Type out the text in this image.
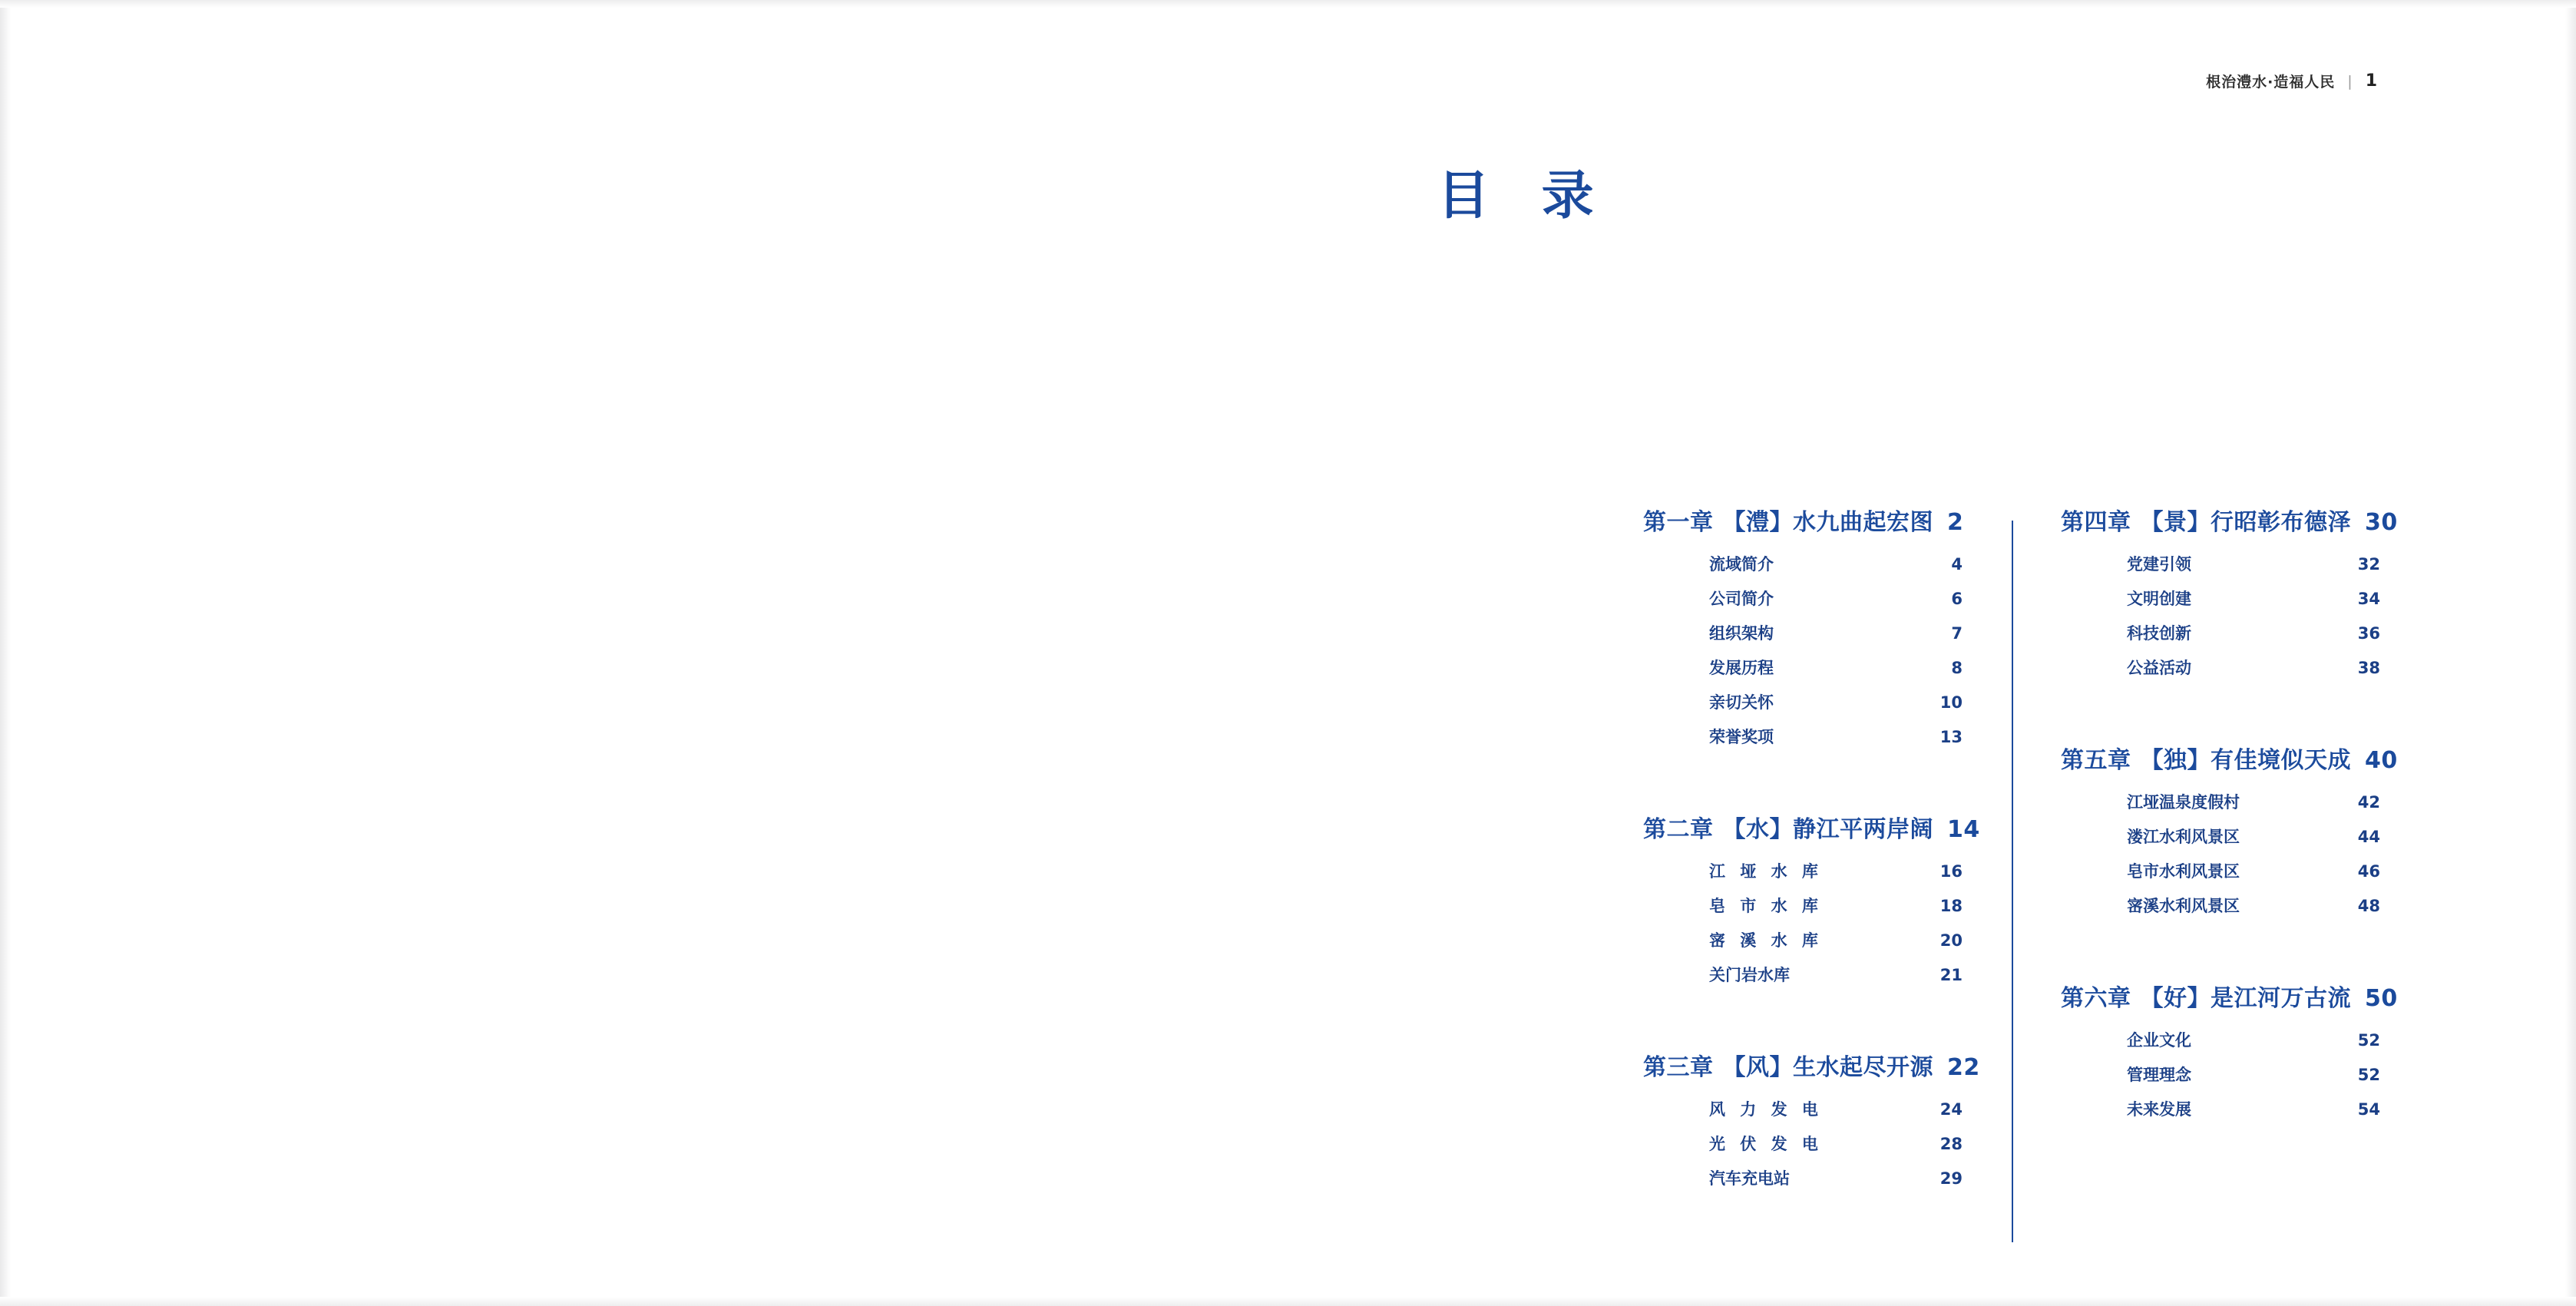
根治澧水·造福人民 | 1
目 录
第一章 【澧】水九曲起宏图 2
流域简介	4
公司简介	6
组织架构	7
发展历程	8
亲切关怀	10
荣誉奖项	13
第二章 【水】静江平两岸阔 14
江 垭 水 库	16
皂 市 水 库	18
宻 溪 水 库	20
关门岩水库	21
第三章 【风】生水起尽开源 22
风 力 发 电	24
光 伏 发 电	28
汽车充电站	29
第四章 【景】行昭彰布德泽 30
党建引领	32
文明创建	34
科技创新	36
公益活动	38
第五章 【独】有佳境似天成 40
江垭温泉度假村	42
溇江水利风景区	44
皂市水利风景区	46
宻溪水利风景区	48
第六章 【好】是江河万古流 50
企业文化	52
管理理念	52
未来发展	54
